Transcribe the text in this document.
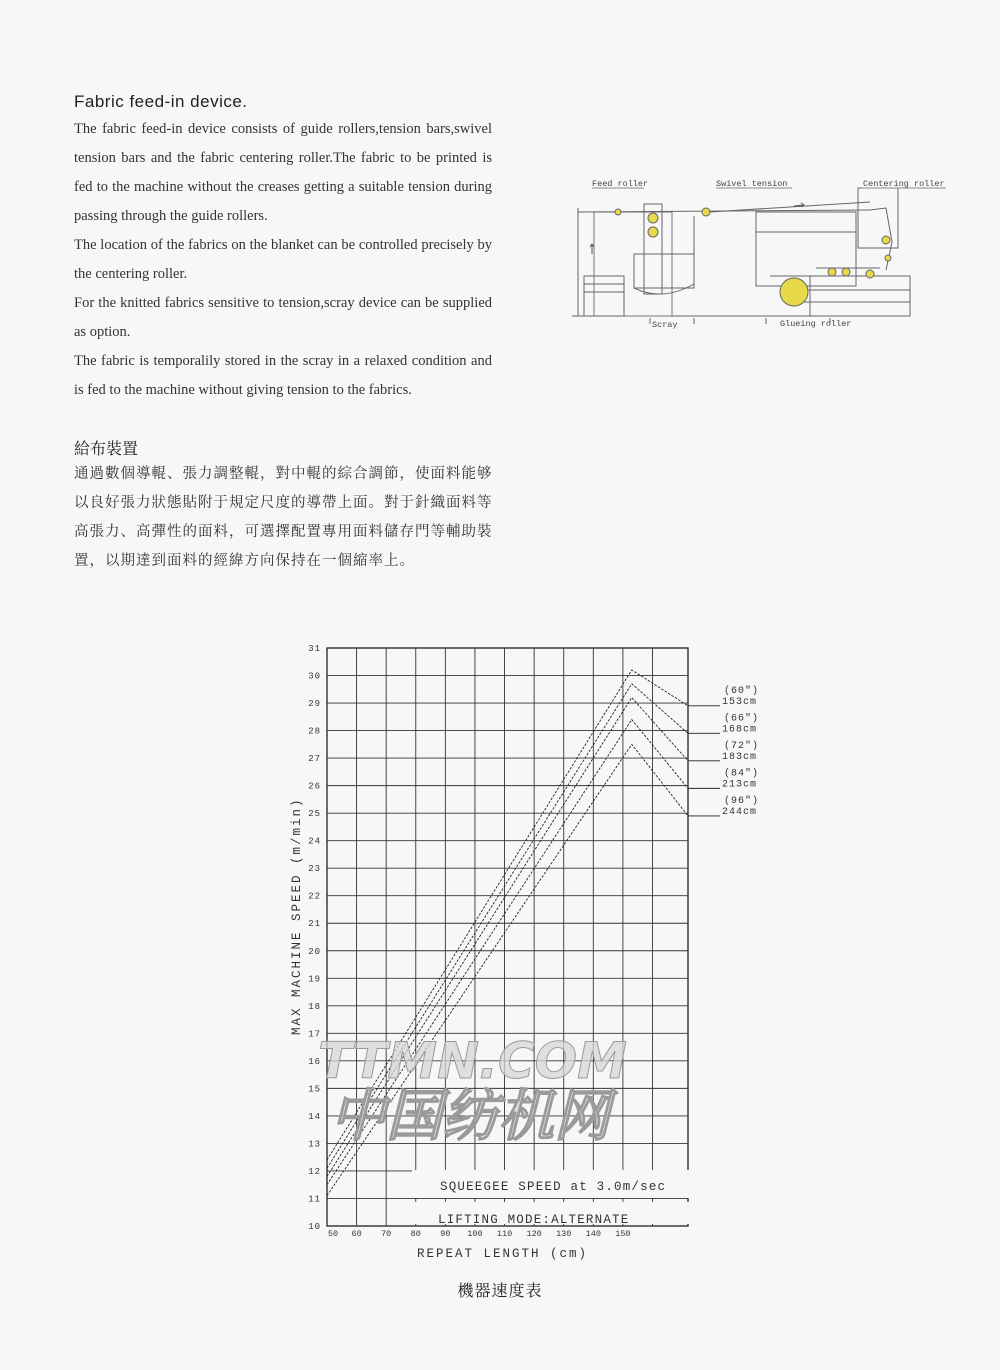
Fabric feed-in device.

The fabric feed-in device consists of guide rollers,tension bars,swivel tension bars and the fabric centering roller.The fabric to be printed is fed to the machine without the creases getting a suitable tension during passing through the guide rollers.

The location of the fabrics on the blanket can be controlled precisely by the centering roller.

For the knitted fabrics sensitive to tension,scray device can be supplied as option.

The fabric is temporalily stored in the scray in a relaxed condition and is fed to the machine without giving tension to the fabrics.

給布裝置

通過數個導輥、張力調整輥，對中輥的綜合調節，使面料能够以良好張力狀態貼附于規定尺度的導帶上面。對于針織面料等高張力、高彈性的面料，可選擇配置專用面料儲存門等輔助裝置，以期達到面料的經緯方向保持在一個縮率上。

Feed roller	Swivel tension	Centering roller
Scray	Glueing roller
10
11
12
13
14
15
16
17
18
19
20
21
22
23
24
25
26
27
28
29
30
31
50 60 70 80 90 100 110 120 130 140 150
(60")
153cm
(66")
168cm
(72")
183cm
(84")
213cm
(96")
244cm
SQUEEGEE SPEED at 3.0m/sec
LIFTING MODE:ALTERNATE
MAX MACHINE SPEED (m/min)
REPEAT LENGTH (cm)
TTMN.COM
中国纺机网
機器速度表
